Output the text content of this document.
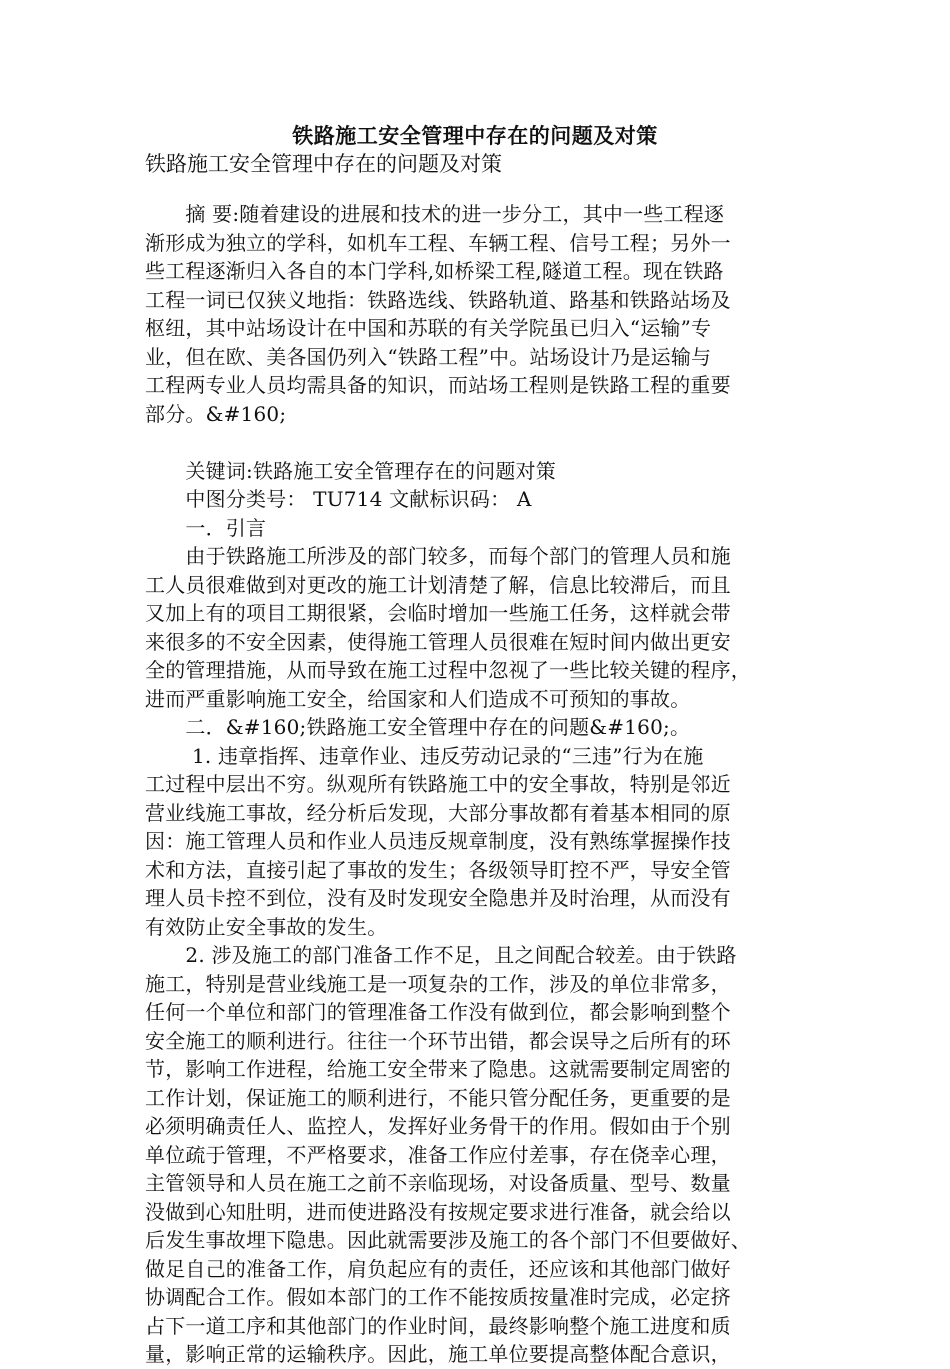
铁路施工安全管理中存在的问题及对策
铁路施工安全管理中存在的问题及对策
　　摘 要:随着建设的进展和技术的进一步分工，其中一些工程逐
渐形成为独立的学科，如机车工程、车辆工程、信号工程；另外一
些工程逐渐归入各自的本门学科,如桥梁工程,隧道工程。现在铁路
工程一词已仅狭义地指：铁路选线、铁路轨道、路基和铁路站场及
枢纽，其中站场设计在中国和苏联的有关学院虽已归入“运输”专
业，但在欧、美各国仍列入“铁路工程”中。站场设计乃是运输与
工程两专业人员均需具备的知识，而站场工程则是铁路工程的重要
部分。&#160;
　　关键词:铁路施工安全管理存在的问题对策
　　中图分类号： TU714 文献标识码： A
　　一．引言
　　由于铁路施工所涉及的部门较多，而每个部门的管理人员和施
工人员很难做到对更改的施工计划清楚了解，信息比较滞后，而且
又加上有的项目工期很紧，会临时增加一些施工任务，这样就会带
来很多的不安全因素，使得施工管理人员很难在短时间内做出更安
全的管理措施，从而导致在施工过程中忽视了一些比较关键的程序，
进而严重影响施工安全，给国家和人们造成不可预知的事故。
　　二．&#160;铁路施工安全管理中存在的问题&#160;。
　　 1. 违章指挥、违章作业、违反劳动记录的“三违”行为在施
工过程中层出不穷。纵观所有铁路施工中的安全事故，特别是邻近
营业线施工事故，经分析后发现，大部分事故都有着基本相同的原
因：施工管理人员和作业人员违反规章制度，没有熟练掌握操作技
术和方法，直接引起了事故的发生；各级领导盯控不严，导安全管
理人员卡控不到位，没有及时发现安全隐患并及时治理，从而没有
有效防止安全事故的发生。
　　2. 涉及施工的部门准备工作不足，且之间配合较差。由于铁路
施工，特别是营业线施工是一项复杂的工作，涉及的单位非常多，
任何一个单位和部门的管理准备工作没有做到位，都会影响到整个
安全施工的顺利进行。往往一个环节出错，都会误导之后所有的环
节，影响工作进程，给施工安全带来了隐患。这就需要制定周密的
工作计划，保证施工的顺利进行，不能只管分配任务，更重要的是
必须明确责任人、监控人，发挥好业务骨干的作用。假如由于个别
单位疏于管理，不严格要求，准备工作应付差事，存在侥幸心理，
主管领导和人员在施工之前不亲临现场，对设备质量、型号、数量
没做到心知肚明，进而使进路没有按规定要求进行准备，就会给以
后发生事故埋下隐患。因此就需要涉及施工的各个部门不但要做好、
做足自己的准备工作，肩负起应有的责任，还应该和其他部门做好
协调配合工作。假如本部门的工作不能按质按量准时完成，必定挤
占下一道工序和其他部门的作业时间，最终影响整个施工进度和质
量，影响正常的运输秩序。因此，施工单位要提高整体配合意识，
